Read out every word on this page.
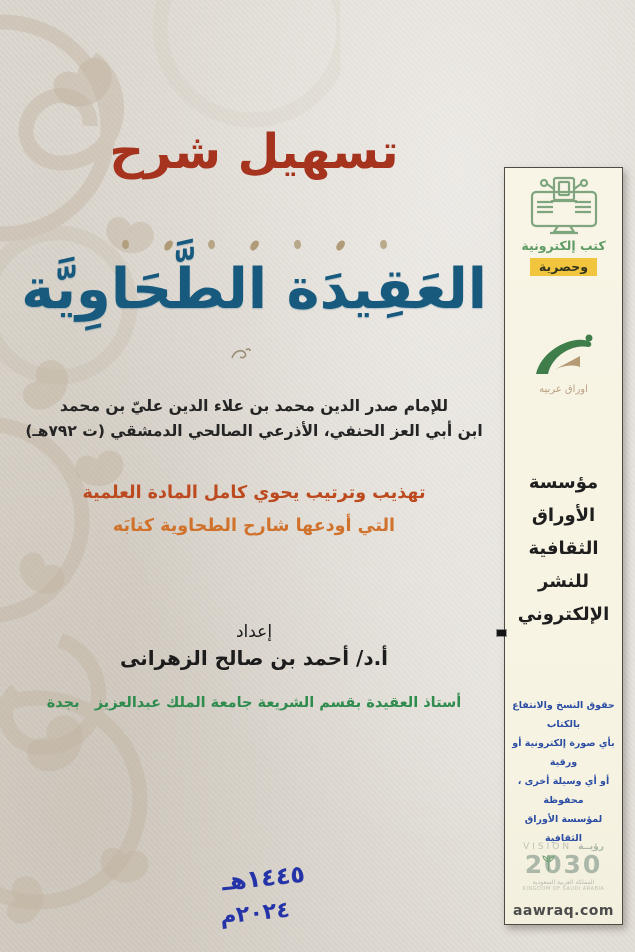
تسهيل شرح
العَقِيدَة الطَّحَاوِيَّة
للإمام صدر الدين محمد بن علاء الدين عليّ بن محمد
ابن أبي العز الحنفي، الأذرعي الصالحي الدمشقي (ت ٧٩٢هـ)
تهذيب وترتيب يحوي كامل المادة العلمية
التي أودعها شارح الطحاوية كتابَه
إعداد
أ.د/ أحمد بن صالح الزهرانى
أستاذ العقيدة بقسم الشريعة جامعة الملك عبدالعزيز   بجدة
١٤٤٥هـ
٢٠٢٤م
كتب إلكترونية
وحصرية
اوراق عربيه
مؤسسة
الأوراق
الثقافية
للنشر
الإلكتروني
حقوق النسخ والانتفاع بالكتاب
بأي صورة إلكترونية أو ورقية
أو أي وسيلة أخرى ، محفوظة
لمؤسسة الأوراق الثقافية
VISION رؤيــة
2030
المملكة العربية السعودية
KINGDOM OF SAUDI ARABIA
aawraq.com
